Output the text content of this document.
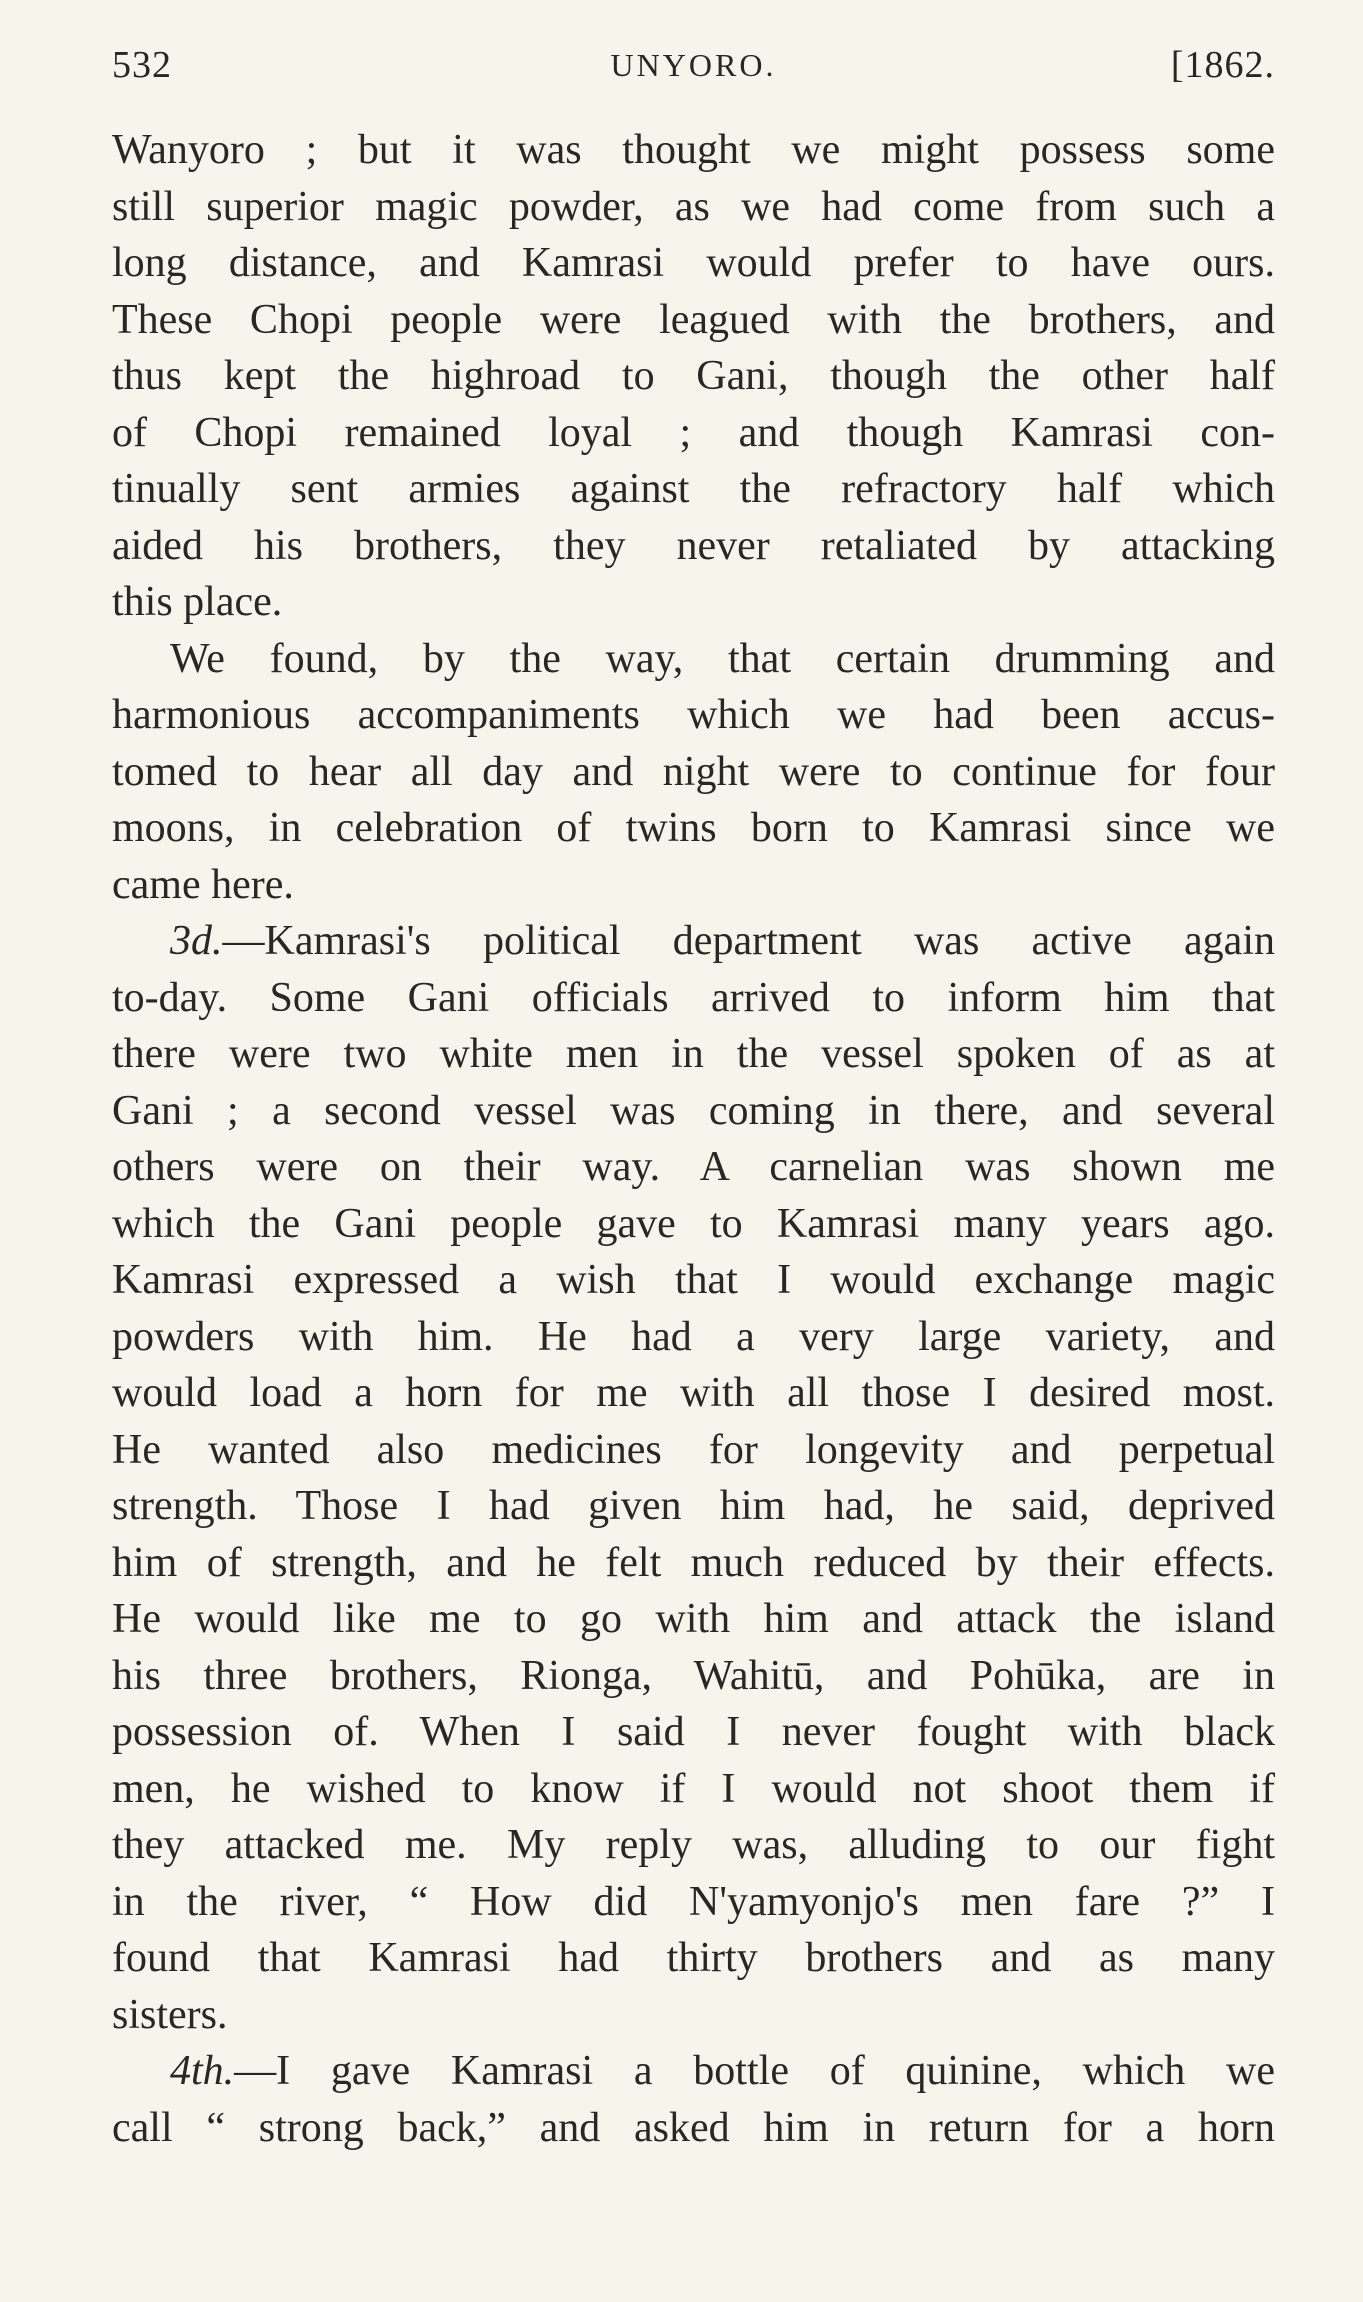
532	UNYORO.	[1862.
Wanyoro ; but it was thought we might possess some
still superior magic powder, as we had come from such a
long distance, and Kamrasi would prefer to have ours.
These Chopi people were leagued with the brothers, and
thus kept the highroad to Gani, though the other half
of Chopi remained loyal ; and though Kamrasi con-
tinually sent armies against the refractory half which
aided his brothers, they never retaliated by attacking
this place.
We found, by the way, that certain drumming and
harmonious accompaniments which we had been accus-
tomed to hear all day and night were to continue for four
moons, in celebration of twins born to Kamrasi since we
came here.
3d.—Kamrasi's political department was active again
to-day. Some Gani officials arrived to inform him that
there were two white men in the vessel spoken of as at
Gani ; a second vessel was coming in there, and several
others were on their way. A carnelian was shown me
which the Gani people gave to Kamrasi many years ago.
Kamrasi expressed a wish that I would exchange magic
powders with him. He had a very large variety, and
would load a horn for me with all those I desired most.
He wanted also medicines for longevity and perpetual
strength. Those I had given him had, he said, deprived
him of strength, and he felt much reduced by their effects.
He would like me to go with him and attack the island
his three brothers, Rionga, Wahitū, and Pohūka, are in
possession of. When I said I never fought with black
men, he wished to know if I would not shoot them if
they attacked me. My reply was, alluding to our fight
in the river, “ How did N'yamyonjo's men fare ?” I
found that Kamrasi had thirty brothers and as many
sisters.
4th.—I gave Kamrasi a bottle of quinine, which we
call “ strong back,” and asked him in return for a horn
